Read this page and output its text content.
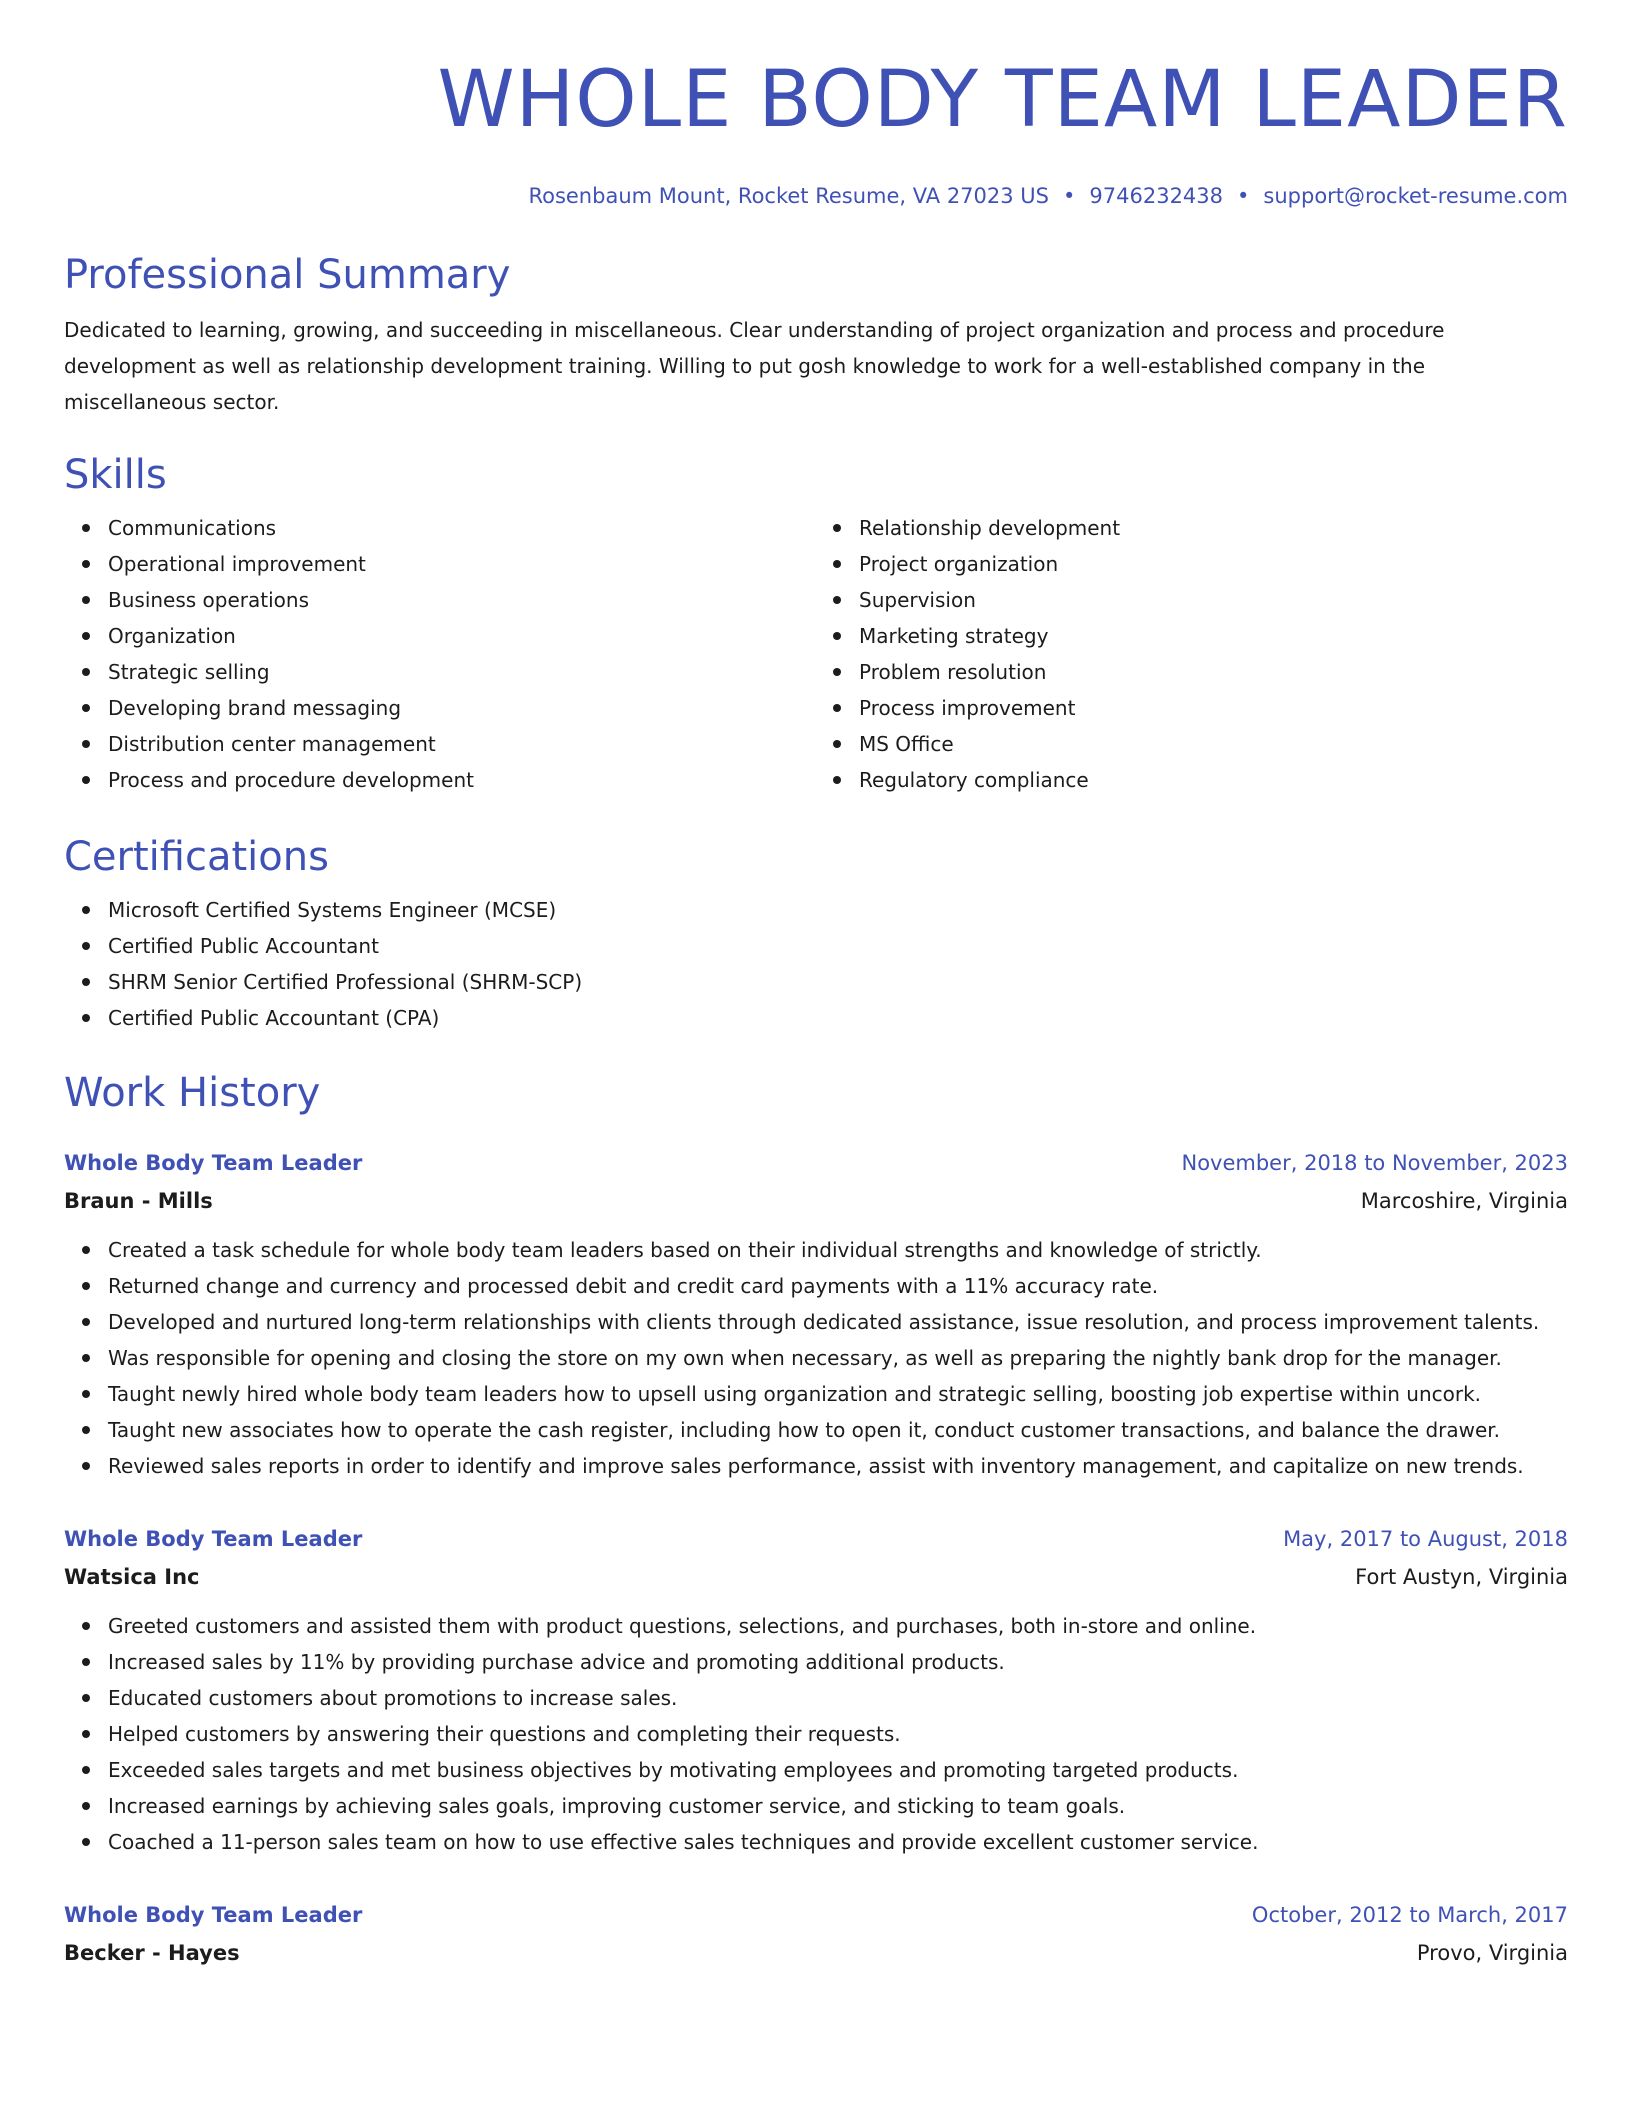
WHOLE BODY TEAM LEADER
Rosenbaum Mount, Rocket Resume, VA 27023 US • 9746232438 • support@rocket-resume.com
Professional Summary

Dedicated to learning, growing, and succeeding in miscellaneous. Clear understanding of project organization and process and procedure development as well as relationship development training. Willing to put gosh knowledge to work for a well-established company in the miscellaneous sector.

Skills
Communications
Operational improvement
Business operations
Organization
Strategic selling
Developing brand messaging
Distribution center management
Process and procedure development
Relationship development
Project organization
Supervision
Marketing strategy
Problem resolution
Process improvement
MS Office
Regulatory compliance
Certifications
Microsoft Certified Systems Engineer (MCSE)
Certified Public Accountant
SHRM Senior Certified Professional (SHRM-SCP)
Certified Public Accountant (CPA)
Work History
Whole Body Team Leader	November, 2018 to November, 2023
Braun - Mills	Marcoshire, Virginia
Created a task schedule for whole body team leaders based on their individual strengths and knowledge of strictly.
Returned change and currency and processed debit and credit card payments with a 11% accuracy rate.
Developed and nurtured long-term relationships with clients through dedicated assistance, issue resolution, and process improvement talents.
Was responsible for opening and closing the store on my own when necessary, as well as preparing the nightly bank drop for the manager.
Taught newly hired whole body team leaders how to upsell using organization and strategic selling, boosting job expertise within uncork.
Taught new associates how to operate the cash register, including how to open it, conduct customer transactions, and balance the drawer.
Reviewed sales reports in order to identify and improve sales performance, assist with inventory management, and capitalize on new trends.
Whole Body Team Leader	May, 2017 to August, 2018
Watsica Inc	Fort Austyn, Virginia
Greeted customers and assisted them with product questions, selections, and purchases, both in-store and online.
Increased sales by 11% by providing purchase advice and promoting additional products.
Educated customers about promotions to increase sales.
Helped customers by answering their questions and completing their requests.
Exceeded sales targets and met business objectives by motivating employees and promoting targeted products.
Increased earnings by achieving sales goals, improving customer service, and sticking to team goals.
Coached a 11-person sales team on how to use effective sales techniques and provide excellent customer service.
Whole Body Team Leader	October, 2012 to March, 2017
Becker - Hayes	Provo, Virginia
